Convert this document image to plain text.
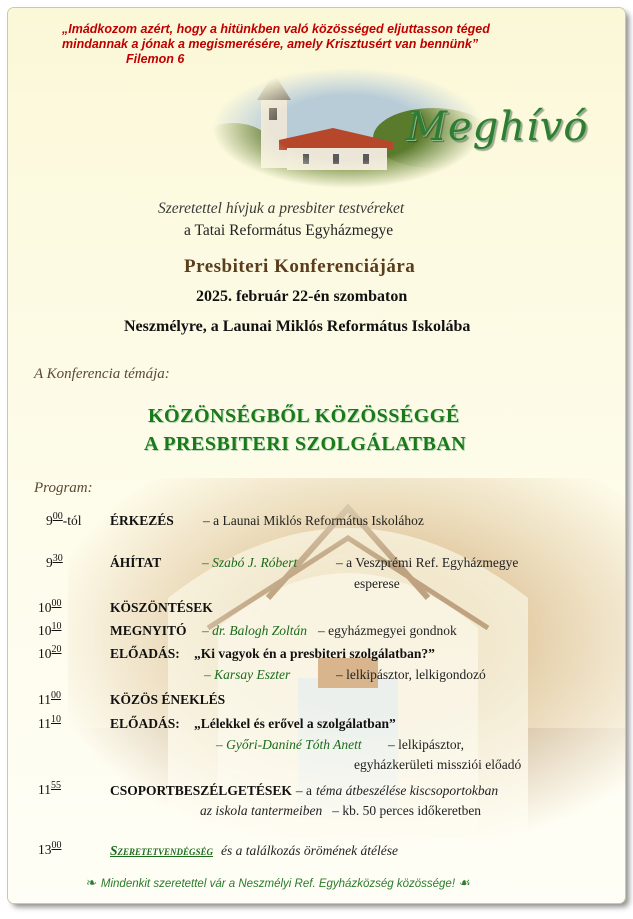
„Imádkozom azért, hogy a hitünkben való közösséged eljuttasson téged
mindannak a jónak a megismerésére, amely Krisztusért van bennünk”
Filemon 6
Meghívó
Szeretettel hívjuk a presbiter testvéreket
a Tatai Református Egyházmegye
Presbiteri Konferenciájára
2025. február 22-én szombaton
Neszmélyre, a Launai Miklós Református Iskolába
A Konferencia témája:
KÖZÖNSÉGBŐL KÖZÖSSÉGGÉ
A PRESBITERI SZOLGÁLATBAN
Program:
$9^{00}$-tól ÉRKEZÉS – a Launai Miklós Református Iskolához
$9^{30}$	ÁHÍTAT	– Szabó J. Róbert	– a Veszprémi Ref. Egyházmegye
esperese
$10^{00}$	KÖSZÖNTÉSEK
$10^{10}$	MEGNYITÓ – dr. Balogh Zoltán – egyházmegyei gondnok
$10^{20}$	ELŐADÁS: „Ki vagyok én a presbiteri szolgálatban?”
– Karsay Eszter	– lelkipásztor, lelkigondozó
$11^{00}$	KÖZÖS ÉNEKLÉS
$11^{10}$	ELŐADÁS: „Lélekkel és erővel a szolgálatban”
– Győri-Daniné Tóth Anett – lelkipásztor,
egyházkerületi missziói előadó
$11^{55}$	CSOPORTBESZÉLGETÉSEK – a téma átbeszélése kiscsoportokban
az iskola tantermeiben – kb. 50 perces időkeretben
$13^{00}$	Szeretetvendégség és a találkozás örömének átélése
❧ Mindenkit szeretettel vár a Neszmélyi Ref. Egyházközség közössége! ☙
